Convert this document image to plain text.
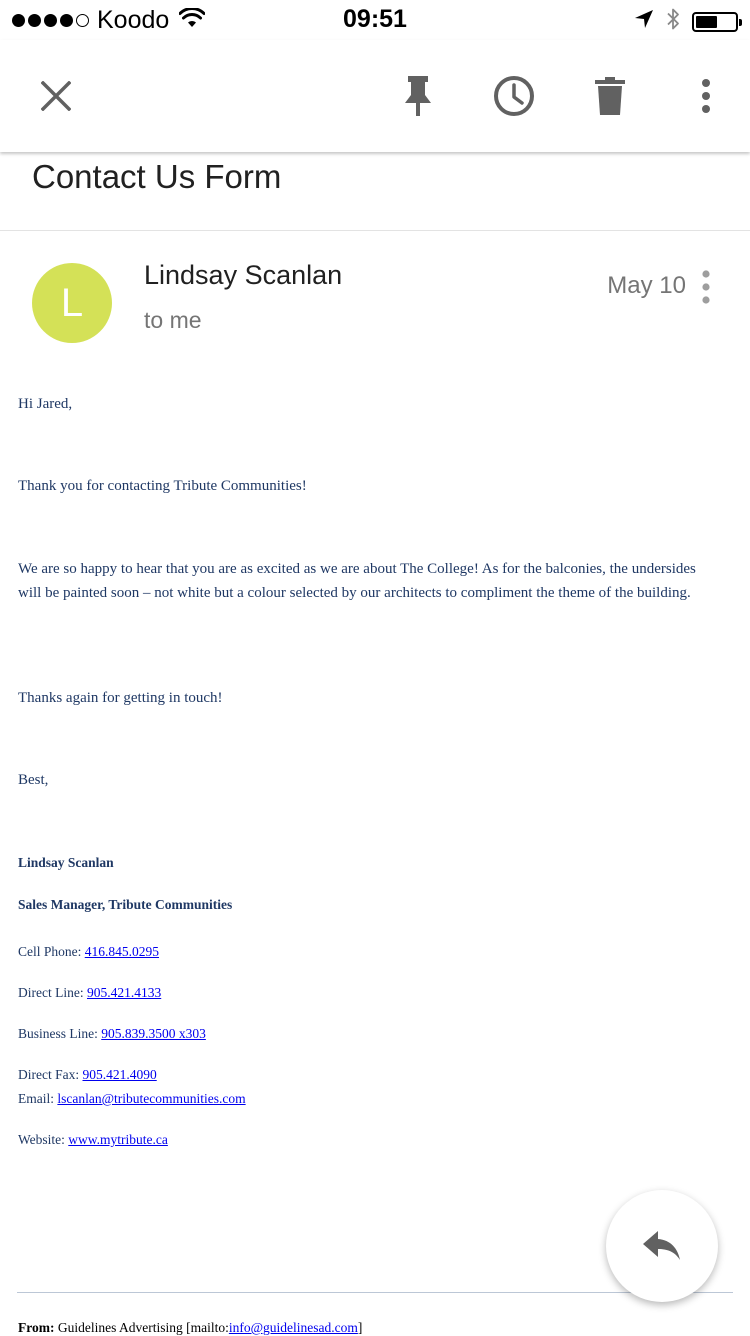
Koodo	09:51
Contact Us Form
L
Lindsay Scanlan
to me
May 10
Hi Jared,
Thank you for contacting Tribute Communities!
We are so happy to hear that you are as excited as we are about The College! As for the balconies, the undersides will be painted soon – not white but a colour selected by our architects to compliment the theme of the building.
Thanks again for getting in touch!
Best,
Lindsay Scanlan
Sales Manager, Tribute Communities
Cell Phone: 416.845.0295
Direct Line: 905.421.4133
Business Line: 905.839.3500 x303
Direct Fax: 905.421.4090
Email: lscanlan@tributecommunities.com
Website: www.mytribute.ca
From: Guidelines Advertising [mailto:info@guidelinesad.com]
